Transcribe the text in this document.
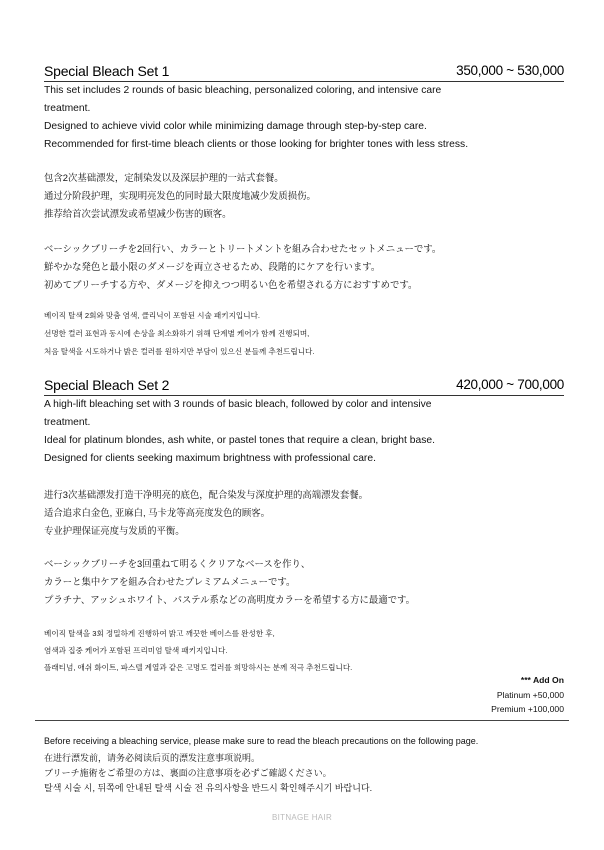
Special Bleach Set 1	350,000 ~ 530,000
This set includes 2 rounds of basic bleaching, personalized coloring, and intensive care
treatment.
Designed to achieve vivid color while minimizing damage through step-by-step care.
Recommended for first-time bleach clients or those looking for brighter tones with less stress.
包含2次基础漂发，定制染发以及深层护理的一站式套餐。
通过分阶段护理，实现明亮发色的同时最大限度地减少发质损伤。
推荐给首次尝试漂发或希望减少伤害的顾客。
ベーシックブリーチを2回行い、カラーとトリートメントを組み合わせたセットメニューです。
鮮やかな発色と最小限のダメージを両立させるため、段階的にケアを行います。
初めてブリーチする方や、ダメージを抑えつつ明るい色を希望される方におすすめです。
베이직 탈색 2회와 맞춤 염색, 클리닉이 포함된 시술 패키지입니다.
선명한 컬러 표현과 동시에 손상을 최소화하기 위해 단계별 케어가 함께 진행되며,
처음 탈색을 시도하거나 밝은 컬러를 원하지만 부담이 있으신 분들께 추천드립니다.
Special Bleach Set 2	420,000 ~ 700,000
A high-lift bleaching set with 3 rounds of basic bleach, followed by color and intensive
treatment.
Ideal for platinum blondes, ash white, or pastel tones that require a clean, bright base.
Designed for clients seeking maximum brightness with professional care.
进行3次基础漂发打造干净明亮的底色，配合染发与深度护理的高端漂发套餐。
适合追求白金色, 亚麻白, 马卡龙等高亮度发色的顾客。
专业护理保证亮度与发质的平衡。
ベーシックブリーチを3回重ねて明るくクリアなベースを作り、
カラーと集中ケアを組み合わせたプレミアムメニューです。
プラチナ、アッシュホワイト、パステル系などの高明度カラーを希望する方に最適です。
베이직 탈색을 3회 정밀하게 진행하여 밝고 깨끗한 베이스를 완성한 후,
염색과 집중 케어가 포함된 프리미엄 탈색 패키지입니다.
플래티넘, 애쉬 화이트, 파스텔 계열과 같은 고명도 컬러를 희망하시는 분께 적극 추천드립니다.
*** Add On
Platinum +50,000
Premium +100,000
Before receiving a bleaching service, please make sure to read the bleach precautions on the following page.
在进行漂发前，请务必阅读后页的漂发注意事项说明。
ブリーチ施術をご希望の方は、裏面の注意事項を必ずご確認ください。
탈색 시술 시, 뒤쪽에 안내된 탈색 시술 전 유의사항을 반드시 확인해주시기 바랍니다.
BITNAGE HAIR
